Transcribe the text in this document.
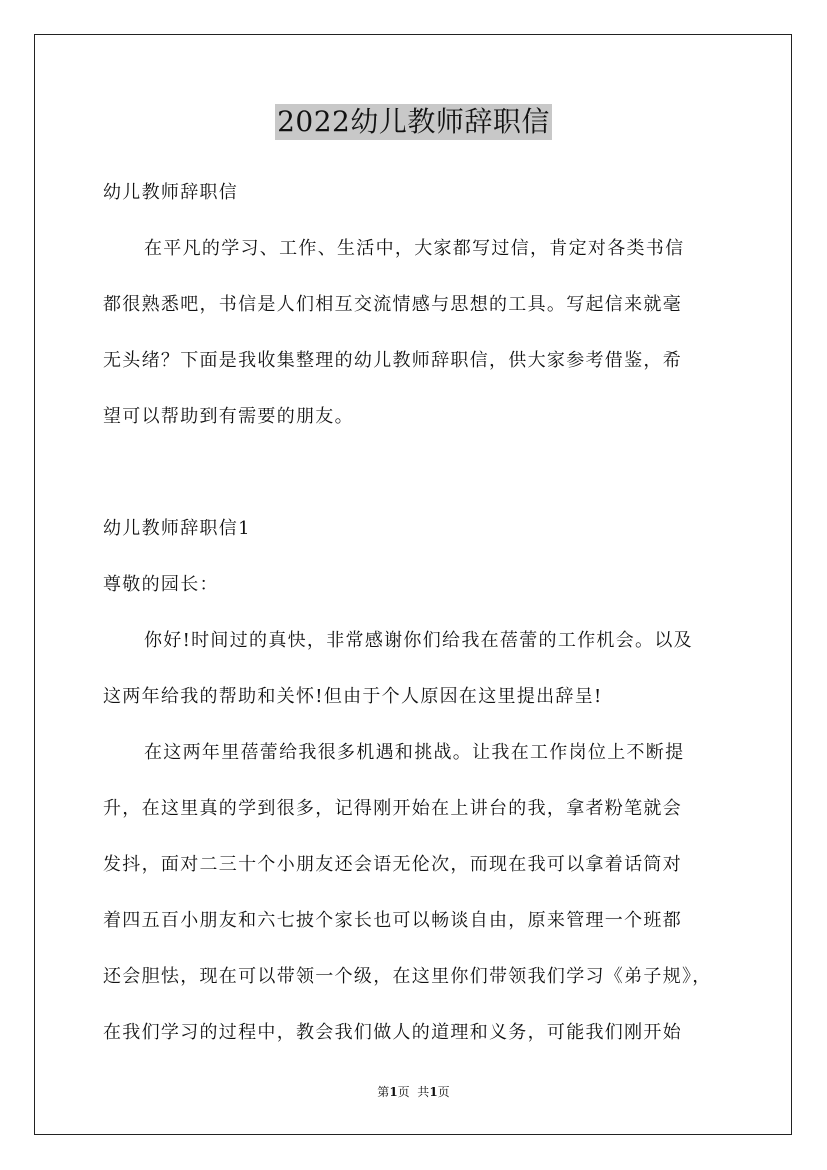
2022幼儿教师辞职信
幼儿教师辞职信
在平凡的学习、工作、生活中，大家都写过信，肯定对各类书信
都很熟悉吧，书信是人们相互交流情感与思想的工具。写起信来就毫
无头绪？下面是我收集整理的幼儿教师辞职信，供大家参考借鉴，希
望可以帮助到有需要的朋友。
幼儿教师辞职信1
尊敬的园长：
你好!时间过的真快，非常感谢你们给我在蓓蕾的工作机会。以及
这两年给我的帮助和关怀!但由于个人原因在这里提出辞呈!
在这两年里蓓蕾给我很多机遇和挑战。让我在工作岗位上不断提
升，在这里真的学到很多，记得刚开始在上讲台的我，拿者粉笔就会
发抖，面对二三十个小朋友还会语无伦次，而现在我可以拿着话筒对
着四五百小朋友和六七披个家长也可以畅谈自由，原来管理一个班都
还会胆怯，现在可以带领一个级，在这里你们带领我们学习《弟子规》，
在我们学习的过程中，教会我们做人的道理和义务，可能我们刚开始
第1页  共1页
